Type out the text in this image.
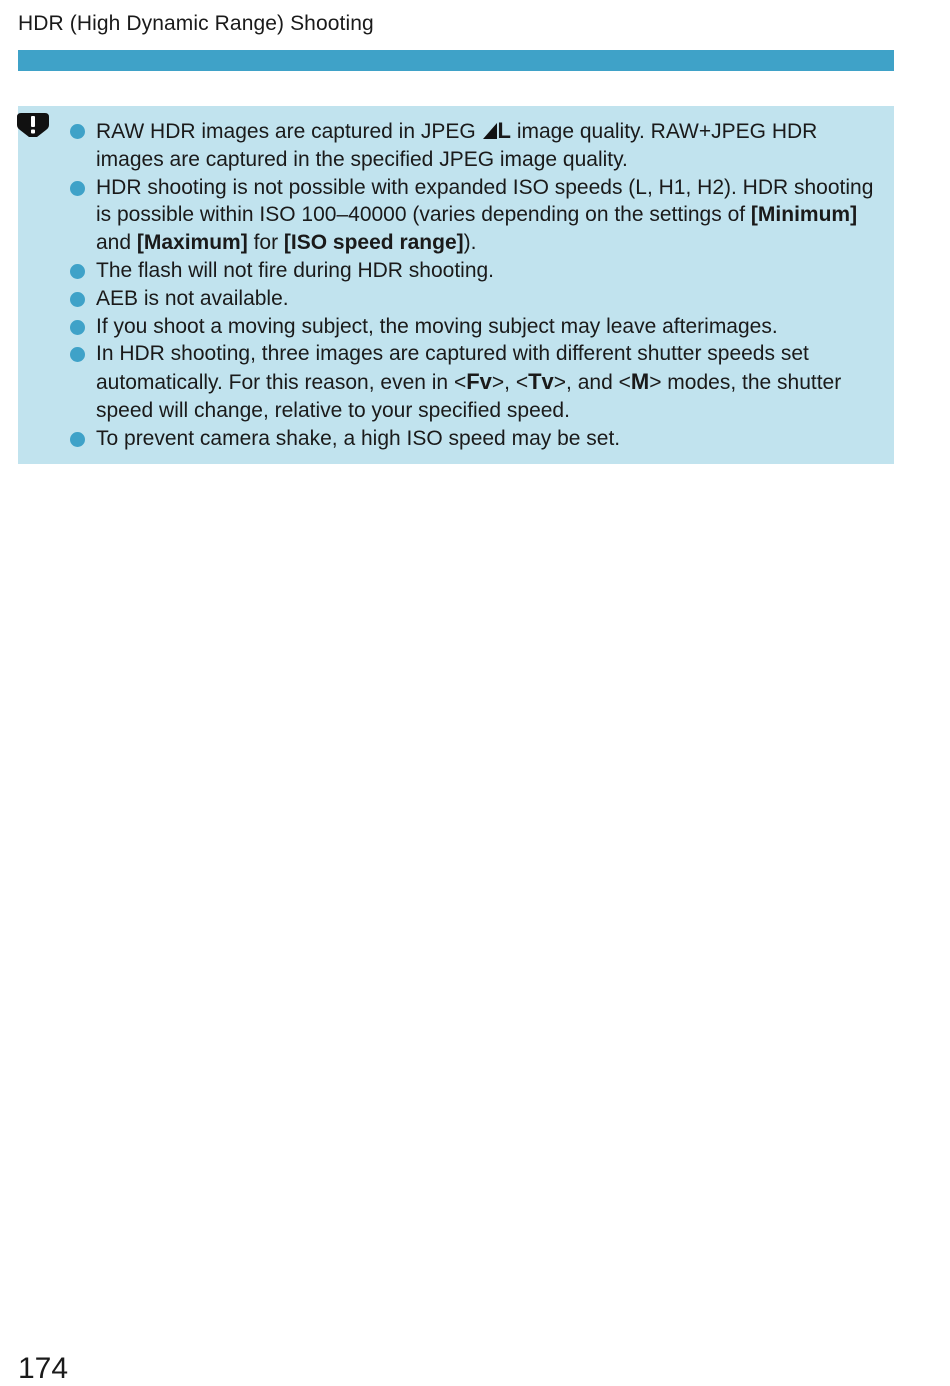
HDR (High Dynamic Range) Shooting
RAW HDR images are captured in JPEG L image quality. RAW+JPEG HDR images are captured in the specified JPEG image quality.
HDR shooting is not possible with expanded ISO speeds (L, H1, H2). HDR shooting is possible within ISO 100–40000 (varies depending on the settings of [Minimum] and [Maximum] for [ISO speed range]).
The flash will not fire during HDR shooting.
AEB is not available.
If you shoot a moving subject, the moving subject may leave afterimages.
In HDR shooting, three images are captured with different shutter speeds set automatically. For this reason, even in <Fv>, <Tv>, and <M> modes, the shutter speed will change, relative to your specified speed.
To prevent camera shake, a high ISO speed may be set.
174
